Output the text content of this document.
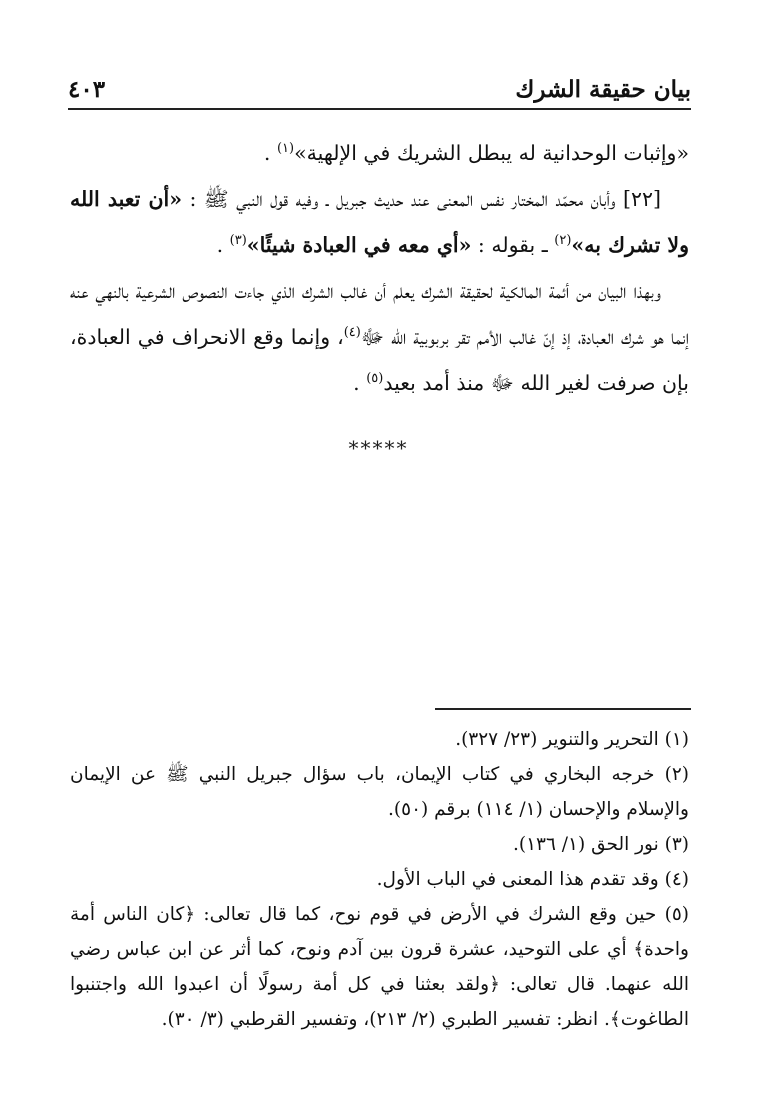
بيان حقيقة الشرك
٤٠٣

«وإثبات الوحدانية له يبطل الشريك في الإلهية»$^{(١)}$ .

[٢٢] وأبان محمّد المختار نفس المعنى عند حديث جبريل ـ وفيه قول النبي ﷺ : «أن تعبد الله ولا تشرك به»$^{(٢)}$ ـ بقوله : «أي معه في العبادة شيئًا»$^{(٣)}$ .

وبهذا البيان من أئمة المالكية لحقيقة الشرك يعلم أن غالب الشرك الذي جاءت النصوص الشرعية بالنهي عنه إنما هو شرك العبادة، إذ إنّ غالب الأمم تقر بربوبية الله ﷻ$^{(٤)}$، وإنما وقع الانحراف في العبادة، بإن صرفت لغير الله ﷻ منذ أمد بعيد$^{(٥)}$ .

*****

(١) التحرير والتنوير (٢٣/ ٣٢٧).

(٢) خرجه البخاري في كتاب الإيمان، باب سؤال جبريل النبي ﷺ عن الإيمان والإسلام والإحسان (١/ ١١٤) برقم (٥٠).

(٣) نور الحق (١/ ١٣٦).

(٤) وقد تقدم هذا المعنى في الباب الأول.

(٥) حين وقع الشرك في الأرض في قوم نوح، كما قال تعالى: ﴿كان الناس أمة واحدة﴾ أي على التوحيد، عشرة قرون بين آدم ونوح، كما أثر عن ابن عباس رضي الله عنهما. قال تعالى: ﴿ولقد بعثنا في كل أمة رسولًا أن اعبدوا الله واجتنبوا الطاغوت﴾. انظر: تفسير الطبري (٢/ ٢١٣)، وتفسير القرطبي (٣/ ٣٠).
